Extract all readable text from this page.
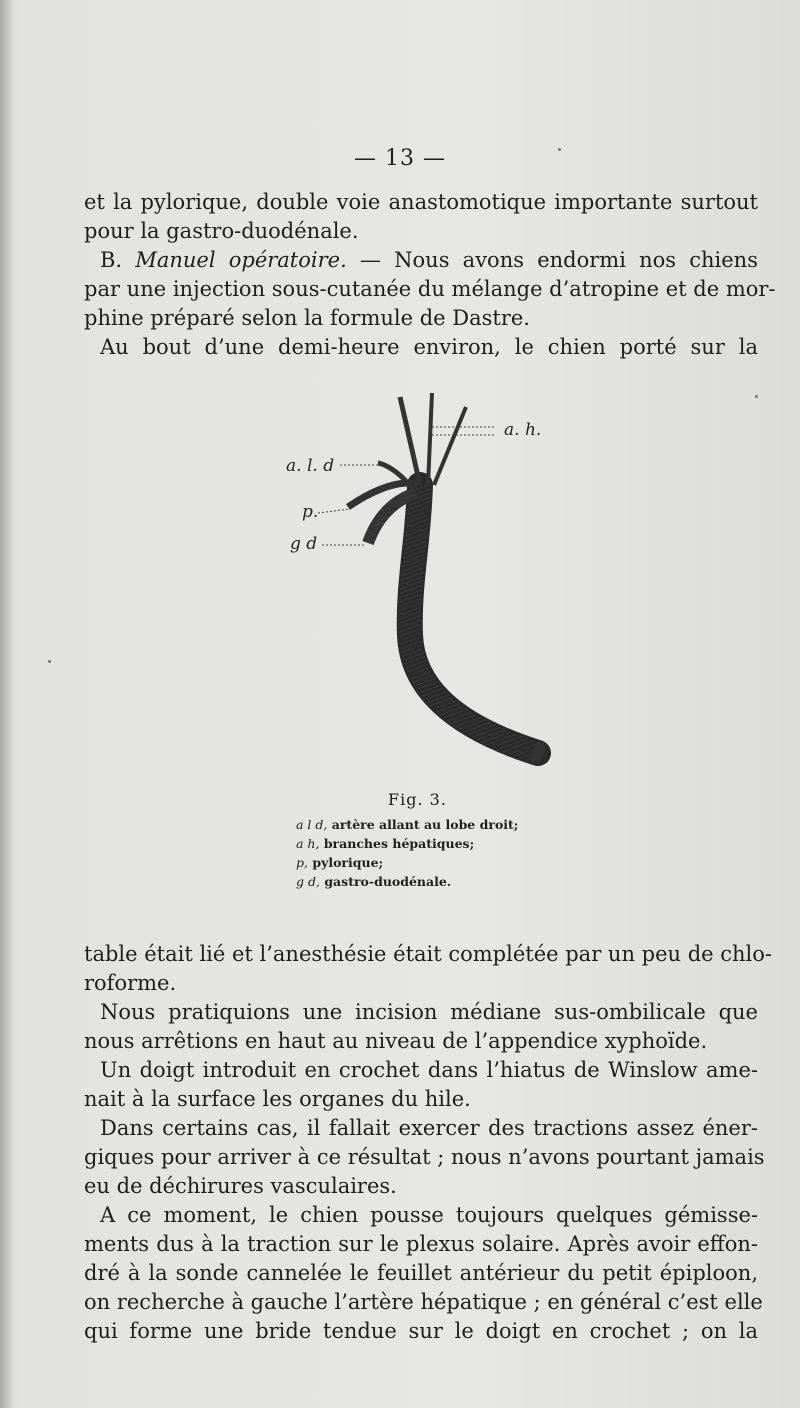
— 13 —
et la pylorique, double voie anastomotique importante surtout
pour la gastro-duodénale.
B. Manuel opératoire. — Nous avons endormi nos chiens
par une injection sous-cutanée du mélange d’atropine et de mor-
phine préparé selon la formule de Dastre.
Au bout d’une demi-heure environ, le chien porté sur la
a. h.
a. l. d
p.
g d
Fig. 3.
a l d, artère allant au lobe droit;
a h, branches hépatiques;
p, pylorique;
g d, gastro-duodénale.
table était lié et l’anesthésie était complétée par un peu de chlo-
roforme.
Nous pratiquions une incision médiane sus-ombilicale que
nous arrêtions en haut au niveau de l’appendice xyphoïde.
Un doigt introduit en crochet dans l’hiatus de Winslow ame-
nait à la surface les organes du hile.
Dans certains cas, il fallait exercer des tractions assez éner-
giques pour arriver à ce résultat ; nous n’avons pourtant jamais
eu de déchirures vasculaires.
A ce moment, le chien pousse toujours quelques gémisse-
ments dus à la traction sur le plexus solaire. Après avoir effon-
dré à la sonde cannelée le feuillet antérieur du petit épiploon,
on recherche à gauche l’artère hépatique ; en général c’est elle
qui forme une bride tendue sur le doigt en crochet ; on la
